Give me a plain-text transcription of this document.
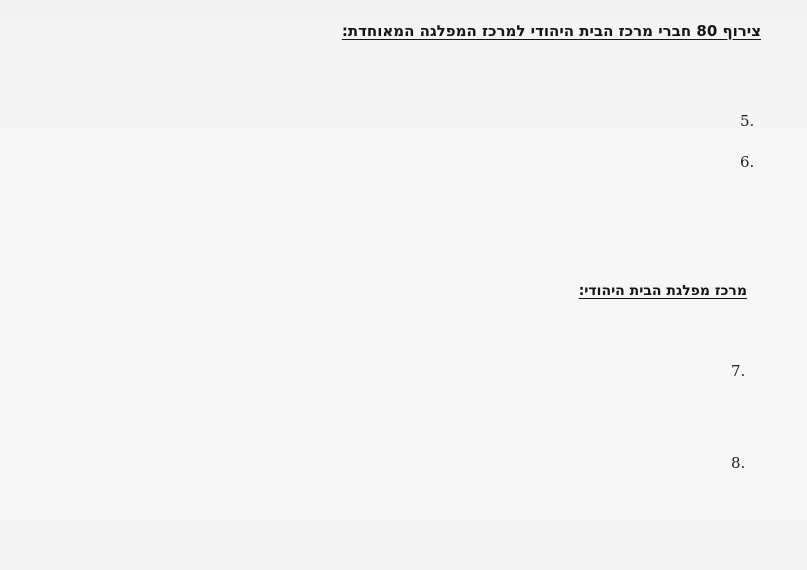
צירוף 80 חברי מרכז הבית היהודי למרכז המפלגה המאוחדת:
5.
6.
מרכז מפלגת הבית היהודי:
7.
8.
